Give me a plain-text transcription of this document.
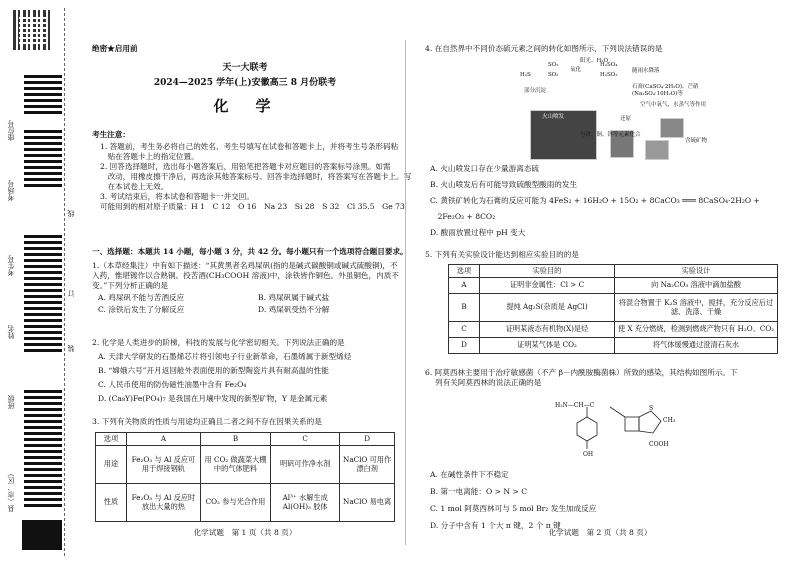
座位号
考场号
考生号
姓名
班级
县（市、区）
线
订
装
绝密★启用前
天一大联考
2024—2025 学年(上)安徽高三 8 月份联考
化　学
考生注意：
1. 答题前，考生务必将自己的姓名、考生号填写在试卷和答题卡上，并将考生号条形码粘
　贴在答题卡上的指定位置。
2. 回答选择题时，选出每小题答案后，用铅笔把答题卡对应题目的答案标号涂黑。如需
　改动，用橡皮擦干净后，再选涂其他答案标号。回答非选择题时，将答案写在答题卡上。写
　在本试卷上无效。
3. 考试结束后，将本试卷和答题卡一并交回。
可能用到的相对原子质量：H 1　C 12　O 16　Na 23　Si 28　S 32　Cl 35.5　Ge 73
一、选择题：本题共 14 小题，每小题 3 分，共 42 分。每小题只有一个选项符合题目要求。
1.（本草经集注）中有如下描述：“其黄黑者名鸡屎矾(指的是碱式碳酸铜或碱式硫酸铜)，不
入药，惟堪镀作以合熟铜。投苦酒(CH₃COOH 溶液)中，涂铁皆作铜色。外虽铜色，内质不
变。”下列分析正确的是
A. 鸡屎矾不能与苦酒反应	B. 鸡屎矾属于碱式盐
C. 涂铁后发生了分解反应	D. 鸡屎矾受热不分解
2. 化学是人类进步的阶梯，科技的发展与化学密切相关。下列说法正确的是
A. 天津大学研发的石墨烯芯片将引领电子行业新革命，石墨烯属于新型烯烃
B. “嫦娥六号”开月返回舱外表面使用的新型陶瓷片具有耐高温的性能
C. 人民币使用的防伪磁性油墨中含有 Fe₂O₄
D. (Ca₈Y)Fe(PO₄)₇ 是我国在月壤中发现的新型矿物，Y 是金属元素
3. 下列有关物质的性质与用途均正确且二者之间不存在因果关系的是
选项	A	B	C	D
用途	Fe₂O₃ 与 Al 反应可用于焊接钢轨	用 CO₂ 做蔬菜大棚中的气体肥料	明矾可作净水剂	NaClO 可用作漂白剂
性质	Fe₂O₃ 与 Al 反应时放出大量的热	CO₂ 参与光合作用	Al³⁺ 水解生成 Al(OH)₃ 胶体	NaClO 易电离
化学试题　第 1 页（共 8 页）
4. 在自然界中不同价态硫元素之间的转化如图所示，下列说法错误的是
H₂S
SO₂
SO₃
氧化
阳光、H₂O
H₂SO₃
H₂SO₄
随雨水降落
石膏(CaSO₄·2H₂O)、芒硝(Na₂SO₄·10H₂O)等
部分沉淀
火山喷发
与铁、铜、锌等元素化合
空气中氧气、水蒸气等作用
含硫矿物
还原
A. 火山喷发口存在少量游离态硫
B. 火山喷发后有可能导致硫酸型酸雨的发生
C. 黄铁矿转化为石膏的反应可能为 4FeS₂ + 16H₂O + 15O₂ + 8CaCO₃ ═══ 8CaSO₄·2H₂O +
　2Fe₂O₃ + 8CO₂
D. 酸雨放置过程中 pH 变大
5. 下列有关实验设计能达到相应实验目的的是
选项	实验目的	实验设计
A	证明非金属性：Cl > C	向 Na₂CO₃ 溶液中滴加盐酸
B	提纯 Ag₂S(杂质是 AgCl)	将混合物置于 K₂S 溶液中，搅拌，充分反应后过滤、洗涤、干燥
C	证明某液态有机物(X)是烃	使 X 充分燃烧，检测到燃烧产物只有 H₂O、CO₂
D	证明某气体是 CO₂	将气体缓慢通过澄清石灰水
6. 阿莫西林主要用于治疗敏感菌（不产 β－内酰胺酶菌株）所致的感染，其结构如图所示。下
列有关阿莫西林的说法正确的是
H₂N—CH—C
OH
COOH
S
CH₃
A. 在碱性条件下不稳定
B. 第一电离能：O > N > C
C. 1 mol 阿莫西林可与 5 mol Br₂ 发生加成反应
D. 分子中含有 1 个大 π 键，2 个 π 键
化学试题　第 2 页（共 8 页）
